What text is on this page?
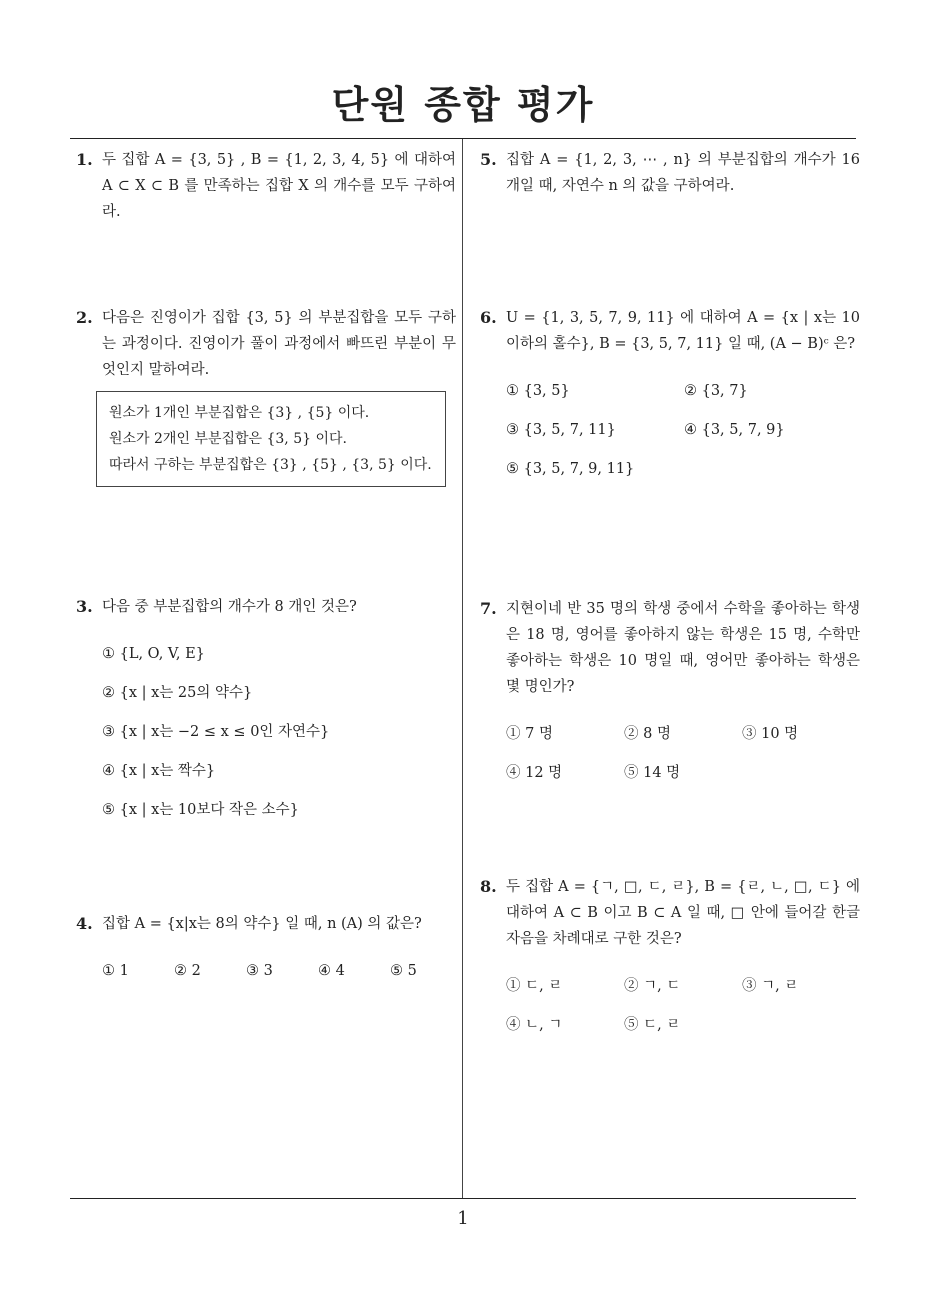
단원 종합 평가
1. 두 집합 A = {3, 5} , B = {1, 2, 3, 4, 5} 에 대하여 A ⊂ X ⊂ B 를 만족하는 집합 X 의 개수를 모두 구하여라.
2. 다음은 진영이가 집합 {3, 5} 의 부분집합을 모두 구하는 과정이다. 진영이가 풀이 과정에서 빠뜨린 부분이 무엇인지 말하여라.
원소가 1개인 부분집합은 {3} , {5} 이다.
원소가 2개인 부분집합은 {3, 5} 이다.
따라서 구하는 부분집합은 {3} , {5} , {3, 5} 이다.
3. 다음 중 부분집합의 개수가 8 개인 것은?
① {L, O, V, E}
② {x | x는 25의 약수}
③ {x | x는 −2 ≤ x ≤ 0인 자연수}
④ {x | x는 짝수}
⑤ {x | x는 10보다 작은 소수}
4. 집합 A = {x|x는 8의 약수} 일 때, n (A) 의 값은?
① 1	② 2	③ 3	④ 4	⑤ 5
5. 집합 A = {1, 2, 3, ⋯ , n} 의 부분집합의 개수가 16 개일 때, 자연수 n 의 값을 구하여라.
6. U = {1, 3, 5, 7, 9, 11} 에 대하여 A = {x | x는 10이하의 홀수}, B = {3, 5, 7, 11} 일 때, (A − B)ᶜ 은?
① {3, 5}	② {3, 7}
③ {3, 5, 7, 11}	④ {3, 5, 7, 9}
⑤ {3, 5, 7, 9, 11}
7. 지현이네 반 35 명의 학생 중에서 수학을 좋아하는 학생은 18 명, 영어를 좋아하지 않는 학생은 15 명, 수학만 좋아하는 학생은 10 명일 때, 영어만 좋아하는 학생은 몇 명인가?
① 7 명	② 8 명	③ 10 명
④ 12 명	⑤ 14 명
8. 두 집합 A = {ㄱ, □, ㄷ, ㄹ}, B = {ㄹ, ㄴ, □, ㄷ} 에 대하여 A ⊂ B 이고 B ⊂ A 일 때, □ 안에 들어갈 한글 자음을 차례대로 구한 것은?
① ㄷ, ㄹ	② ㄱ, ㄷ	③ ㄱ, ㄹ
④ ㄴ, ㄱ	⑤ ㄷ, ㄹ
1
